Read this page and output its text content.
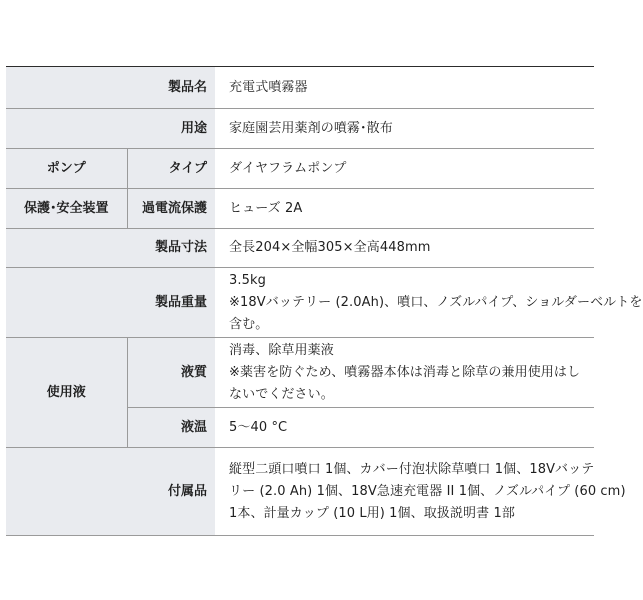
製品名		充電式噴霧器
用途		家庭園芸用薬剤の噴霧･散布
ポンプ	タイプ	ダイヤフラムポンプ
保護･安全装置	過電流保護	ヒューズ 2A
製品寸法		全長204×全幅305×全高448mm
製品重量		3.5kg
※18Vバッテリー (2.0Ah)、噴口、ノズルパイプ、ショルダーベルトを
含む。

使用液	液質	消毒、除草用薬液
※薬害を防ぐため、噴霧器本体は消毒と除草の兼用使用はし
ないでください。

	液温	5～40 °C
付属品		縦型二頭口噴口 1個、カバー付泡状除草噴口 1個、18Vバッテ
リー (2.0 Ah) 1個、18V急速充電器 II 1個、ノズルパイプ (60 cm)
1本、計量カップ (10 L用) 1個、取扱説明書 1部
